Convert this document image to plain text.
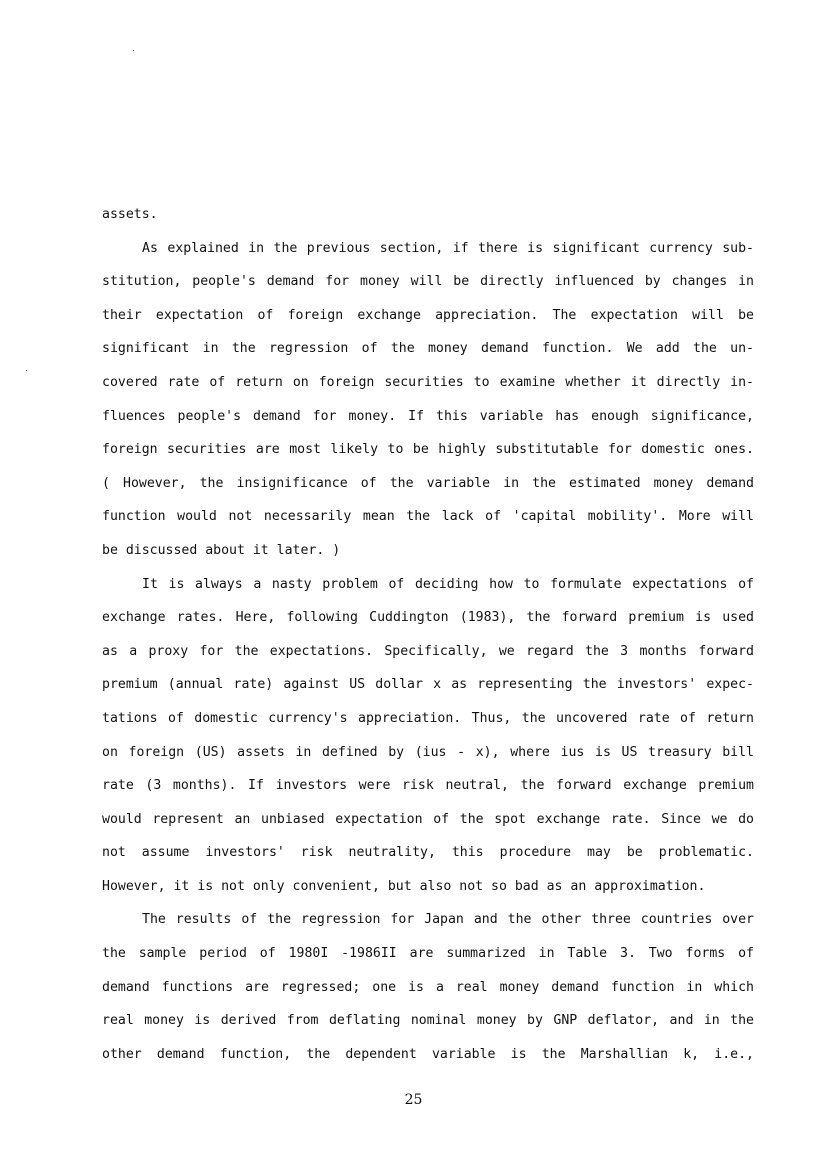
assets.
As explained in the previous section, if there is significant currency sub-
stitution, people's demand for money will be directly influenced by changes in
their expectation of foreign exchange appreciation. The expectation will be
significant in the regression of the money demand function. We add the un-
covered rate of return on foreign securities to examine whether it directly in-
fluences people's demand for money. If this variable has enough significance,
foreign securities are most likely to be highly substitutable for domestic ones.
( However, the insignificance of the variable in the estimated money demand
function would not necessarily mean the lack of 'capital mobility'. More will
be discussed about it later. )
It is always a nasty problem of deciding how to formulate expectations of
exchange rates. Here, following Cuddington (1983), the forward premium is used
as a proxy for the expectations. Specifically, we regard the 3 months forward
premium (annual rate) against US dollar x as representing the investors' expec-
tations of domestic currency's appreciation. Thus, the uncovered rate of return
on foreign (US) assets in defined by (ius - x), where ius is US treasury bill
rate (3 months). If investors were risk neutral, the forward exchange premium
would represent an unbiased expectation of the spot exchange rate. Since we do
not assume investors' risk neutrality, this procedure may be problematic.
However, it is not only convenient, but also not so bad as an approximation.
The results of the regression for Japan and the other three countries over
the sample period of 1980I -1986II are summarized in Table 3. Two forms of
demand functions are regressed; one is a real money demand function in which
real money is derived from deflating nominal money by GNP deflator, and in the
other demand function, the dependent variable is the Marshallian k, i.e.,
25
